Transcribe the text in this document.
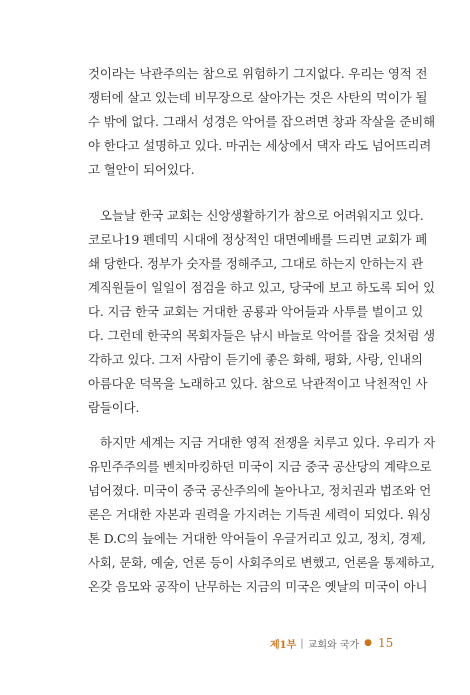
것이라는 낙관주의는 참으로 위험하기 그지없다. 우리는 영적 전
쟁터에 살고 있는데 비무장으로 살아가는 것은 사탄의 먹이가 될
수 밖에 없다. 그래서 성경은 악어를 잡으려면 창과 작살을 준비해
야 한다고 설명하고 있다. 마귀는 세상에서 댁자 라도 넘어뜨리려
고 혈안이 되어있다.
오늘날 한국 교회는 신앙생활하기가 참으로 어려워지고 있다.
코로나19 펜데믹 시대에 정상적인 대면예배를 드리면 교회가 폐
쇄 당한다. 정부가 숫자를 정해주고, 그대로 하는지 안하는지 관
계직원들이 일일이 점검을 하고 있고, 당국에 보고 하도록 되어 있
다. 지금 한국 교회는 거대한 공룡과 악어들과 사투를 벌이고 있
다. 그런데 한국의 목회자들은 낚시 바늘로 악어를 잡을 것처럼 생
각하고 있다. 그저 사람이 듣기에 좋은 화해, 평화, 사랑, 인내의
아름다운 덕목을 노래하고 있다. 참으로 낙관적이고 낙천적인 사
람들이다.
하지만 세계는 지금 거대한 영적 전쟁을 치루고 있다. 우리가 자
유민주주의를 벤치마킹하던 미국이 지금 중국 공산당의 계략으로
넘어졌다. 미국이 중국 공산주의에 놀아나고, 정치권과 법조와 언
론은 거대한 자본과 권력을 가지려는 기득권 세력이 되었다. 워싱
톤 D.C의 늪에는 거대한 악어들이 우글거리고 있고, 정치, 경제,
사회, 문화, 예술, 언론 등이 사회주의로 변했고, 언론을 통제하고,
온갖 음모와 공작이 난무하는 지금의 미국은 옛날의 미국이 아니
제1부 | 교회와 국가 ● 15
